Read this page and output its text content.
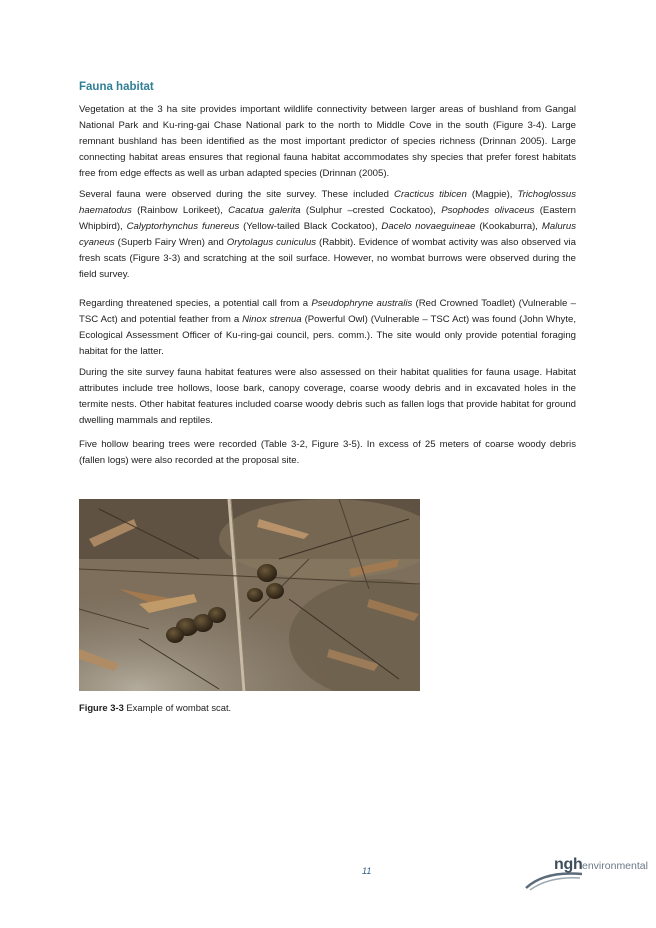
Fauna habitat

Vegetation at the 3 ha site provides important wildlife connectivity between larger areas of bushland from Gangal National Park and Ku-ring-gai Chase National park to the north to Middle Cove in the south (Figure 3-4). Large remnant bushland has been identified as the most important predictor of species richness (Drinnan 2005). Large connecting habitat areas ensures that regional fauna habitat accommodates shy species that prefer forest habitats free from edge effects as well as urban adapted species (Drinnan (2005).

Several fauna were observed during the site survey. These included Cracticus tibicen (Magpie), Trichoglossus haematodus (Rainbow Lorikeet), Cacatua galerita (Sulphur –crested Cockatoo), Psophodes olivaceus (Eastern Whipbird), Calyptorhynchus funereus (Yellow-tailed Black Cockatoo), Dacelo novaeguineae (Kookaburra), Malurus cyaneus (Superb Fairy Wren) and Orytolagus cuniculus (Rabbit). Evidence of wombat activity was also observed via fresh scats (Figure 3-3) and scratching at the soil surface. However, no wombat burrows were observed during the field survey.

Regarding threatened species, a potential call from a Pseudophryne australis (Red Crowned Toadlet) (Vulnerable – TSC Act) and potential feather from a Ninox strenua (Powerful Owl) (Vulnerable – TSC Act) was found (John Whyte, Ecological Assessment Officer of Ku-ring-gai council, pers. comm.). The site would only provide potential foraging habitat for the latter.

During the site survey fauna habitat features were also assessed on their habitat qualities for fauna usage. Habitat attributes include tree hollows, loose bark, canopy coverage, coarse woody debris and in excavated holes in the termite nests. Other habitat features included coarse woody debris such as fallen logs that provide habitat for ground dwelling mammals and reptiles.

Five hollow bearing trees were recorded (Table 3-2, Figure 3-5). In excess of 25 meters of coarse woody debris (fallen logs) were also recorded at the proposal site.

Figure 3-3 Example of wombat scat.
11	ngh environmental
